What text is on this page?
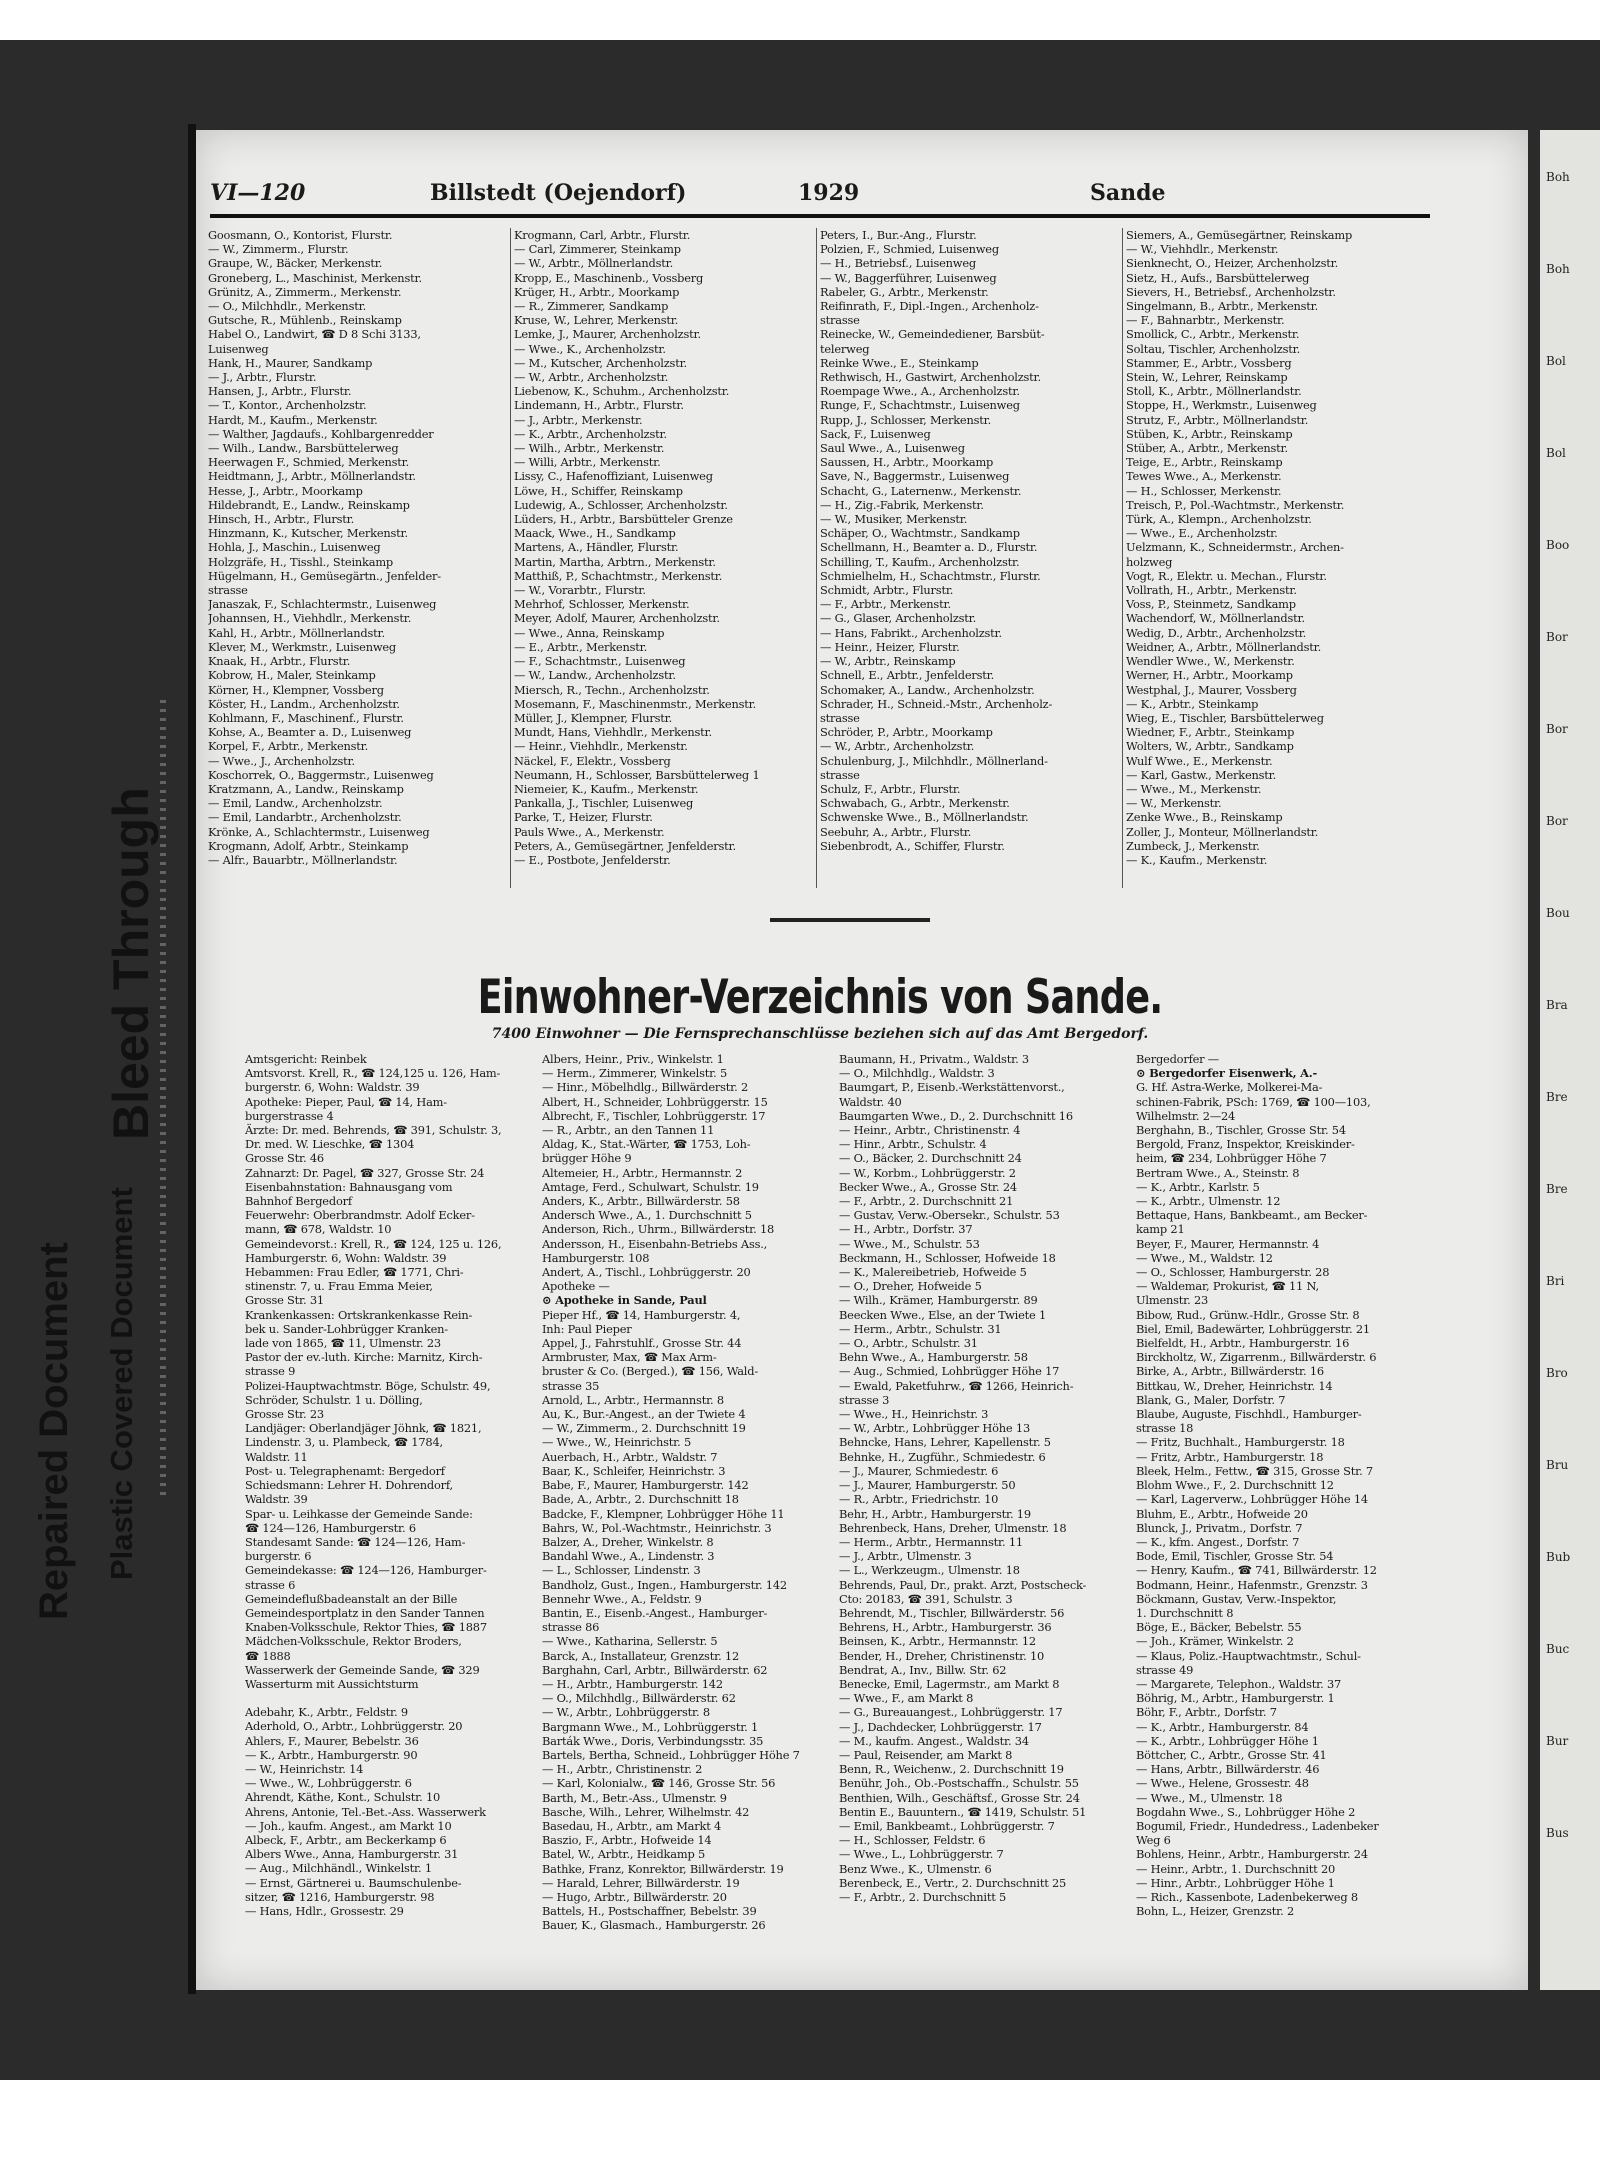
Boh
Boh
Bol
Bol
Boo
Bor
Bor
Bor
Bou
Bra
Bre
Bre
Bri
Bro
Bru
Bub
Buc
Bur
Bus
VI—120	Billstedt (Oejendorf)	1929	Sande
Goosmann, O., Kontorist, Flurstr.
— W., Zimmerm., Flurstr.
Graupe, W., Bäcker, Merkenstr.
Groneberg, L., Maschinist, Merkenstr.
Grünitz, A., Zimmerm., Merkenstr.
— O., Milchhdlr., Merkenstr.
Gutsche, R., Mühlenb., Reinskamp
Habel O., Landwirt, ☎ D 8 Schi 3133,
Luisenweg
Hank, H., Maurer, Sandkamp
— J., Arbtr., Flurstr.
Hansen, J., Arbtr., Flurstr.
— T., Kontor., Archenholzstr.
Hardt, M., Kaufm., Merkenstr.
— Walther, Jagdaufs., Kohlbargenredder
— Wilh., Landw., Barsbüttelerweg
Heerwagen F., Schmied, Merkenstr.
Heidtmann, J., Arbtr., Möllnerlandstr.
Hesse, J., Arbtr., Moorkamp
Hildebrandt, E., Landw., Reinskamp
Hinsch, H., Arbtr., Flurstr.
Hinzmann, K., Kutscher, Merkenstr.
Hohla, J., Maschin., Luisenweg
Holzgräfe, H., Tisshl., Steinkamp
Hügelmann, H., Gemüsegärtn., Jenfelder-
strasse
Janaszak, F., Schlachtermstr., Luisenweg
Johannsen, H., Viehhdlr., Merkenstr.
Kahl, H., Arbtr., Möllnerlandstr.
Klever, M., Werkmstr., Luisenweg
Knaak, H., Arbtr., Flurstr.
Kobrow, H., Maler, Steinkamp
Körner, H., Klempner, Vossberg
Köster, H., Landm., Archenholzstr.
Kohlmann, F., Maschinenf., Flurstr.
Kohse, A., Beamter a. D., Luisenweg
Korpel, F., Arbtr., Merkenstr.
— Wwe., J., Archenholzstr.
Koschorrek, O., Baggermstr., Luisenweg
Kratzmann, A., Landw., Reinskamp
— Emil, Landw., Archenholzstr.
— Emil, Landarbtr., Archenholzstr.
Krönke, A., Schlachtermstr., Luisenweg
Krogmann, Adolf, Arbtr., Steinkamp
— Alfr., Bauarbtr., Möllnerlandstr.
Krogmann, Carl, Arbtr., Flurstr.
— Carl, Zimmerer, Steinkamp
— W., Arbtr., Möllnerlandstr.
Kropp, E., Maschinenb., Vossberg
Krüger, H., Arbtr., Moorkamp
— R., Zimmerer, Sandkamp
Kruse, W., Lehrer, Merkenstr.
Lemke, J., Maurer, Archenholzstr.
— Wwe., K., Archenholzstr.
— M., Kutscher, Archenholzstr.
— W., Arbtr., Archenholzstr.
Liebenow, K., Schuhm., Archenholzstr.
Lindemann, H., Arbtr., Flurstr.
— J., Arbtr., Merkenstr.
— K., Arbtr., Archenholzstr.
— Wilh., Arbtr., Merkenstr.
— Willi, Arbtr., Merkenstr.
Lissy, C., Hafenoffiziant, Luisenweg
Löwe, H., Schiffer, Reinskamp
Ludewig, A., Schlosser, Archenholzstr.
Lüders, H., Arbtr., Barsbütteler Grenze
Maack, Wwe., H., Sandkamp
Martens, A., Händler, Flurstr.
Martin, Martha, Arbtrn., Merkenstr.
Matthiß, P., Schachtmstr., Merkenstr.
— W., Vorarbtr., Flurstr.
Mehrhof, Schlosser, Merkenstr.
Meyer, Adolf, Maurer, Archenholzstr.
— Wwe., Anna, Reinskamp
— E., Arbtr., Merkenstr.
— F., Schachtmstr., Luisenweg
— W., Landw., Archenholzstr.
Miersch, R., Techn., Archenholzstr.
Mosemann, F., Maschinenmstr., Merkenstr.
Müller, J., Klempner, Flurstr.
Mundt, Hans, Viehhdlr., Merkenstr.
— Heinr., Viehhdlr., Merkenstr.
Näckel, F., Elektr., Vossberg
Neumann, H., Schlosser, Barsbüttelerweg 1
Niemeier, K., Kaufm., Merkenstr.
Pankalla, J., Tischler, Luisenweg
Parke, T., Heizer, Flurstr.
Pauls Wwe., A., Merkenstr.
Peters, A., Gemüsegärtner, Jenfelderstr.
— E., Postbote, Jenfelderstr.
Peters, I., Bur.-Ang., Flurstr.
Polzien, F., Schmied, Luisenweg
— H., Betriebsf., Luisenweg
— W., Baggerführer, Luisenweg
Rabeler, G., Arbtr., Merkenstr.
Reifinrath, F., Dipl.-Ingen., Archenholz-
strasse
Reinecke, W., Gemeindediener, Barsbüt-
telerweg
Reinke Wwe., E., Steinkamp
Rethwisch, H., Gastwirt, Archenholzstr.
Roempage Wwe., A., Archenholzstr.
Runge, F., Schachtmstr., Luisenweg
Rupp, J., Schlosser, Merkenstr.
Sack, F., Luisenweg
Saul Wwe., A., Luisenweg
Saussen, H., Arbtr., Moorkamp
Save, N., Baggermstr., Luisenweg
Schacht, G., Laternenw., Merkenstr.
— H., Zig.-Fabrik, Merkenstr.
— W., Musiker, Merkenstr.
Schäper, O., Wachtmstr., Sandkamp
Schellmann, H., Beamter a. D., Flurstr.
Schilling, T., Kaufm., Archenholzstr.
Schmielhelm, H., Schachtmstr., Flurstr.
Schmidt, Arbtr., Flurstr.
— F., Arbtr., Merkenstr.
— G., Glaser, Archenholzstr.
— Hans, Fabrikt., Archenholzstr.
— Heinr., Heizer, Flurstr.
— W., Arbtr., Reinskamp
Schnell, E., Arbtr., Jenfelderstr.
Schomaker, A., Landw., Archenholzstr.
Schrader, H., Schneid.-Mstr., Archenholz-
strasse
Schröder, P., Arbtr., Moorkamp
— W., Arbtr., Archenholzstr.
Schulenburg, J., Milchhdlr., Möllnerland-
strasse
Schulz, F., Arbtr., Flurstr.
Schwabach, G., Arbtr., Merkenstr.
Schwenske Wwe., B., Möllnerlandstr.
Seebuhr, A., Arbtr., Flurstr.
Siebenbrodt, A., Schiffer, Flurstr.
Siemers, A., Gemüsegärtner, Reinskamp
— W., Viehhdlr., Merkenstr.
Sienknecht, O., Heizer, Archenholzstr.
Sietz, H., Aufs., Barsbüttelerweg
Sievers, H., Betriebsf., Archenholzstr.
Singelmann, B., Arbtr., Merkenstr.
— F., Bahnarbtr., Merkenstr.
Smollick, C., Arbtr., Merkenstr.
Soltau, Tischler, Archenholzstr.
Stammer, E., Arbtr., Vossberg
Stein, W., Lehrer, Reinskamp
Stoll, K., Arbtr., Möllnerlandstr.
Stoppe, H., Werkmstr., Luisenweg
Strutz, F., Arbtr., Möllnerlandstr.
Stüben, K., Arbtr., Reinskamp
Stüber, A., Arbtr., Merkenstr.
Teige, E., Arbtr., Reinskamp
Tewes Wwe., A., Merkenstr.
— H., Schlosser, Merkenstr.
Treisch, P., Pol.-Wachtmstr., Merkenstr.
Türk, A., Klempn., Archenholzstr.
— Wwe., E., Archenholzstr.
Uelzmann, K., Schneidermstr., Archen-
holzweg
Vogt, R., Elektr. u. Mechan., Flurstr.
Vollrath, H., Arbtr., Merkenstr.
Voss, P., Steinmetz, Sandkamp
Wachendorf, W., Möllnerlandstr.
Wedig, D., Arbtr., Archenholzstr.
Weidner, A., Arbtr., Möllnerlandstr.
Wendler Wwe., W., Merkenstr.
Werner, H., Arbtr., Moorkamp
Westphal, J., Maurer, Vossberg
— K., Arbtr., Steinkamp
Wieg, E., Tischler, Barsbüttelerweg
Wiedner, F., Arbtr., Steinkamp
Wolters, W., Arbtr., Sandkamp
Wulf Wwe., E., Merkenstr.
— Karl, Gastw., Merkenstr.
— Wwe., M., Merkenstr.
— W., Merkenstr.
Zenke Wwe., B., Reinskamp
Zoller, J., Monteur, Möllnerlandstr.
Zumbeck, J., Merkenstr.
— K., Kaufm., Merkenstr.
Einwohner-Verzeichnis von Sande.
7400 Einwohner — Die Fernsprechanschlüsse beziehen sich auf das Amt Bergedorf.
Amtsgericht: Reinbek
Amtsvorst. Krell, R., ☎ 124,125 u. 126, Ham-
burgerstr. 6, Wohn: Waldstr. 39
Apotheke: Pieper, Paul, ☎ 14, Ham-
burgerstrasse 4
Ärzte: Dr. med. Behrends, ☎ 391, Schulstr. 3,
Dr. med. W. Lieschke, ☎ 1304
Grosse Str. 46
Zahnarzt: Dr. Pagel, ☎ 327, Grosse Str. 24
Eisenbahnstation: Bahnausgang vom
Bahnhof Bergedorf
Feuerwehr: Oberbrandmstr. Adolf Ecker-
mann, ☎ 678, Waldstr. 10
Gemeindevorst.: Krell, R., ☎ 124, 125 u. 126,
Hamburgerstr. 6, Wohn: Waldstr. 39
Hebammen: Frau Edler, ☎ 1771, Chri-
stinenstr. 7, u. Frau Emma Meier,
Grosse Str. 31
Krankenkassen: Ortskrankenkasse Rein-
bek u. Sander-Lohbrügger Kranken-
lade von 1865, ☎ 11, Ulmenstr. 23
Pastor der ev.-luth. Kirche: Marnitz, Kirch-
strasse 9
Polizei-Hauptwachtmstr. Böge, Schulstr. 49,
Schröder, Schulstr. 1 u. Dölling,
Grosse Str. 23
Landjäger: Oberlandjäger Jöhnk, ☎ 1821,
Lindenstr. 3, u. Plambeck, ☎ 1784,
Waldstr. 11
Post- u. Telegraphenamt: Bergedorf
Schiedsmann: Lehrer H. Dohrendorf,
Waldstr. 39
Spar- u. Leihkasse der Gemeinde Sande:
☎ 124—126, Hamburgerstr. 6
Standesamt Sande: ☎ 124—126, Ham-
burgerstr. 6
Gemeindekasse: ☎ 124—126, Hamburger-
strasse 6
Gemeindeflußbadeanstalt an der Bille
Gemeindesportplatz in den Sander Tannen
Knaben-Volksschule, Rektor Thies, ☎ 1887
Mädchen-Volksschule, Rektor Broders,
☎ 1888
Wasserwerk der Gemeinde Sande, ☎ 329
Wasserturm mit Aussichtsturm
Adebahr, K., Arbtr., Feldstr. 9
Aderhold, O., Arbtr., Lohbrüggerstr. 20
Ahlers, F., Maurer, Bebelstr. 36
— K., Arbtr., Hamburgerstr. 90
— W., Heinrichstr. 14
— Wwe., W., Lohbrüggerstr. 6
Ahrendt, Käthe, Kont., Schulstr. 10
Ahrens, Antonie, Tel.-Bet.-Ass. Wasserwerk
— Joh., kaufm. Angest., am Markt 10
Albeck, F., Arbtr., am Beckerkamp 6
Albers Wwe., Anna, Hamburgerstr. 31
— Aug., Milchhändl., Winkelstr. 1
— Ernst, Gärtnerei u. Baumschulenbe-
sitzer, ☎ 1216, Hamburgerstr. 98
— Hans, Hdlr., Grossestr. 29
Albers, Heinr., Priv., Winkelstr. 1
— Herm., Zimmerer, Winkelstr. 5
— Hinr., Möbelhdlg., Billwärderstr. 2
Albert, H., Schneider, Lohbrüggerstr. 15
Albrecht, F., Tischler, Lohbrüggerstr. 17
— R., Arbtr., an den Tannen 11
Aldag, K., Stat.-Wärter, ☎ 1753, Loh-
brügger Höhe 9
Altemeier, H., Arbtr., Hermannstr. 2
Amtage, Ferd., Schulwart, Schulstr. 19
Anders, K., Arbtr., Billwärderstr. 58
Andersch Wwe., A., 1. Durchschnitt 5
Anderson, Rich., Uhrm., Billwärderstr. 18
Andersson, H., Eisenbahn-Betriebs Ass.,
Hamburgerstr. 108
Andert, A., Tischl., Lohbrüggerstr. 20
Apotheke —
⊙ Apotheke in Sande, Paul
Pieper Hf., ☎ 14, Hamburgerstr. 4,
Inh: Paul Pieper
Appel, J., Fahrstuhlf., Grosse Str. 44
Armbruster, Max, ☎ Max Arm-
bruster & Co. (Berged.), ☎ 156, Wald-
strasse 35
Arnold, L., Arbtr., Hermannstr. 8
Au, K., Bur.-Angest., an der Twiete 4
— W., Zimmerm., 2. Durchschnitt 19
— Wwe., W., Heinrichstr. 5
Auerbach, H., Arbtr., Waldstr. 7
Baar, K., Schleifer, Heinrichstr. 3
Babe, F., Maurer, Hamburgerstr. 142
Bade, A., Arbtr., 2. Durchschnitt 18
Badcke, F., Klempner, Lohbrügger Höhe 11
Bahrs, W., Pol.-Wachtmstr., Heinrichstr. 3
Balzer, A., Dreher, Winkelstr. 8
Bandahl Wwe., A., Lindenstr. 3
— L., Schlosser, Lindenstr. 3
Bandholz, Gust., Ingen., Hamburgerstr. 142
Bennehr Wwe., A., Feldstr. 9
Bantin, E., Eisenb.-Angest., Hamburger-
strasse 86
— Wwe., Katharina, Sellerstr. 5
Barck, A., Installateur, Grenzstr. 12
Barghahn, Carl, Arbtr., Billwärderstr. 62
— H., Arbtr., Hamburgerstr. 142
— O., Milchhdlg., Billwärderstr. 62
— W., Arbtr., Lohbrüggerstr. 8
Bargmann Wwe., M., Lohbrüggerstr. 1
Barták Wwe., Doris, Verbindungsstr. 35
Bartels, Bertha, Schneid., Lohbrügger Höhe 7
— H., Arbtr., Christinenstr. 2
— Karl, Kolonialw., ☎ 146, Grosse Str. 56
Barth, M., Betr.-Ass., Ulmenstr. 9
Basche, Wilh., Lehrer, Wilhelmstr. 42
Basedau, H., Arbtr., am Markt 4
Baszio, F., Arbtr., Hofweide 14
Batel, W., Arbtr., Heidkamp 5
Bathke, Franz, Konrektor, Billwärderstr. 19
— Harald, Lehrer, Billwärderstr. 19
— Hugo, Arbtr., Billwärderstr. 20
Battels, H., Postschaffner, Bebelstr. 39
Bauer, K., Glasmach., Hamburgerstr. 26
Baumann, H., Privatm., Waldstr. 3
— O., Milchhdlg., Waldstr. 3
Baumgart, P., Eisenb.-Werkstättenvorst.,
Waldstr. 40
Baumgarten Wwe., D., 2. Durchschnitt 16
— Heinr., Arbtr., Christinenstr. 4
— Hinr., Arbtr., Schulstr. 4
— O., Bäcker, 2. Durchschnitt 24
— W., Korbm., Lohbrüggerstr. 2
Becker Wwe., A., Grosse Str. 24
— F., Arbtr., 2. Durchschnitt 21
— Gustav, Verw.-Obersekr., Schulstr. 53
— H., Arbtr., Dorfstr. 37
— Wwe., M., Schulstr. 53
Beckmann, H., Schlosser, Hofweide 18
— K., Malereibetrieb, Hofweide 5
— O., Dreher, Hofweide 5
— Wilh., Krämer, Hamburgerstr. 89
Beecken Wwe., Else, an der Twiete 1
— Herm., Arbtr., Schulstr. 31
— O., Arbtr., Schulstr. 31
Behn Wwe., A., Hamburgerstr. 58
— Aug., Schmied, Lohbrügger Höhe 17
— Ewald, Paketfuhrw., ☎ 1266, Heinrich-
strasse 3
— Wwe., H., Heinrichstr. 3
— W., Arbtr., Lohbrügger Höhe 13
Behncke, Hans, Lehrer, Kapellenstr. 5
Behnke, H., Zugführ., Schmiedestr. 6
— J., Maurer, Schmiedestr. 6
— J., Maurer, Hamburgerstr. 50
— R., Arbtr., Friedrichstr. 10
Behr, H., Arbtr., Hamburgerstr. 19
Behrenbeck, Hans, Dreher, Ulmenstr. 18
— Herm., Arbtr., Hermannstr. 11
— J., Arbtr., Ulmenstr. 3
— L., Werkzeugm., Ulmenstr. 18
Behrends, Paul, Dr., prakt. Arzt, Postscheck-
Cto: 20183, ☎ 391, Schulstr. 3
Behrendt, M., Tischler, Billwärderstr. 56
Behrens, H., Arbtr., Hamburgerstr. 36
Beinsen, K., Arbtr., Hermannstr. 12
Bender, H., Dreher, Christinenstr. 10
Bendrat, A., Inv., Billw. Str. 62
Benecke, Emil, Lagermstr., am Markt 8
— Wwe., F., am Markt 8
— G., Bureauangest., Lohbrüggerstr. 17
— J., Dachdecker, Lohbrüggerstr. 17
— M., kaufm. Angest., Waldstr. 34
— Paul, Reisender, am Markt 8
Benn, R., Weichenw., 2. Durchschnitt 19
Benühr, Joh., Ob.-Postschaffn., Schulstr. 55
Benthien, Wilh., Geschäftsf., Grosse Str. 24
Bentin E., Bauuntern., ☎ 1419, Schulstr. 51
— Emil, Bankbeamt., Lohbrüggerstr. 7
— H., Schlosser, Feldstr. 6
— Wwe., L., Lohbrüggerstr. 7
Benz Wwe., K., Ulmenstr. 6
Berenbeck, E., Vertr., 2. Durchschnitt 25
— F., Arbtr., 2. Durchschnitt 5
Bergedorfer —
⊙ Bergedorfer Eisenwerk, A.-
G. Hf. Astra-Werke, Molkerei-Ma-
schinen-Fabrik, PSch: 1769, ☎ 100—103,
Wilhelmstr. 2—24
Berghahn, B., Tischler, Grosse Str. 54
Bergold, Franz, Inspektor, Kreiskinder-
heim, ☎ 234, Lohbrügger Höhe 7
Bertram Wwe., A., Steinstr. 8
— K., Arbtr., Karlstr. 5
— K., Arbtr., Ulmenstr. 12
Bettaque, Hans, Bankbeamt., am Becker-
kamp 21
Beyer, F., Maurer, Hermannstr. 4
— Wwe., M., Waldstr. 12
— O., Schlosser, Hamburgerstr. 28
— Waldemar, Prokurist, ☎ 11 N,
Ulmenstr. 23
Bibow, Rud., Grünw.-Hdlr., Grosse Str. 8
Biel, Emil, Badewärter, Lohbrüggerstr. 21
Bielfeldt, H., Arbtr., Hamburgerstr. 16
Birckholtz, W., Zigarrenm., Billwärderstr. 6
Birke, A., Arbtr., Billwärderstr. 16
Bittkau, W., Dreher, Heinrichstr. 14
Blank, G., Maler, Dorfstr. 7
Blaube, Auguste, Fischhdl., Hamburger-
strasse 18
— Fritz, Buchhalt., Hamburgerstr. 18
— Fritz, Arbtr., Hamburgerstr. 18
Bleek, Helm., Fettw., ☎ 315, Grosse Str. 7
Blohm Wwe., F., 2. Durchschnitt 12
— Karl, Lagerverw., Lohbrügger Höhe 14
Bluhm, E., Arbtr., Hofweide 20
Blunck, J., Privatm., Dorfstr. 7
— K., kfm. Angest., Dorfstr. 7
Bode, Emil, Tischler, Grosse Str. 54
— Henry, Kaufm., ☎ 741, Billwärderstr. 12
Bodmann, Heinr., Hafenmstr., Grenzstr. 3
Böckmann, Gustav, Verw.-Inspektor,
1. Durchschnitt 8
Böge, E., Bäcker, Bebelstr. 55
— Joh., Krämer, Winkelstr. 2
— Klaus, Poliz.-Hauptwachtmstr., Schul-
strasse 49
— Margarete, Telephon., Waldstr. 37
Böhrig, M., Arbtr., Hamburgerstr. 1
Böhr, F., Arbtr., Dorfstr. 7
— K., Arbtr., Hamburgerstr. 84
— K., Arbtr., Lohbrügger Höhe 1
Böttcher, C., Arbtr., Grosse Str. 41
— Hans, Arbtr., Billwärderstr. 46
— Wwe., Helene, Grossestr. 48
— Wwe., M., Ulmenstr. 18
Bogdahn Wwe., S., Lohbrügger Höhe 2
Bogumil, Friedr., Hundedress., Ladenbeker
Weg 6
Bohlens, Heinr., Arbtr., Hamburgerstr. 24
— Heinr., Arbtr., 1. Durchschnitt 20
— Hinr., Arbtr., Lohbrügger Höhe 1
— Rich., Kassenbote, Ladenbekerweg 8
Bohn, L., Heizer, Grenzstr. 2
Repaired Document Plastic Covered Document
Bleed Through
